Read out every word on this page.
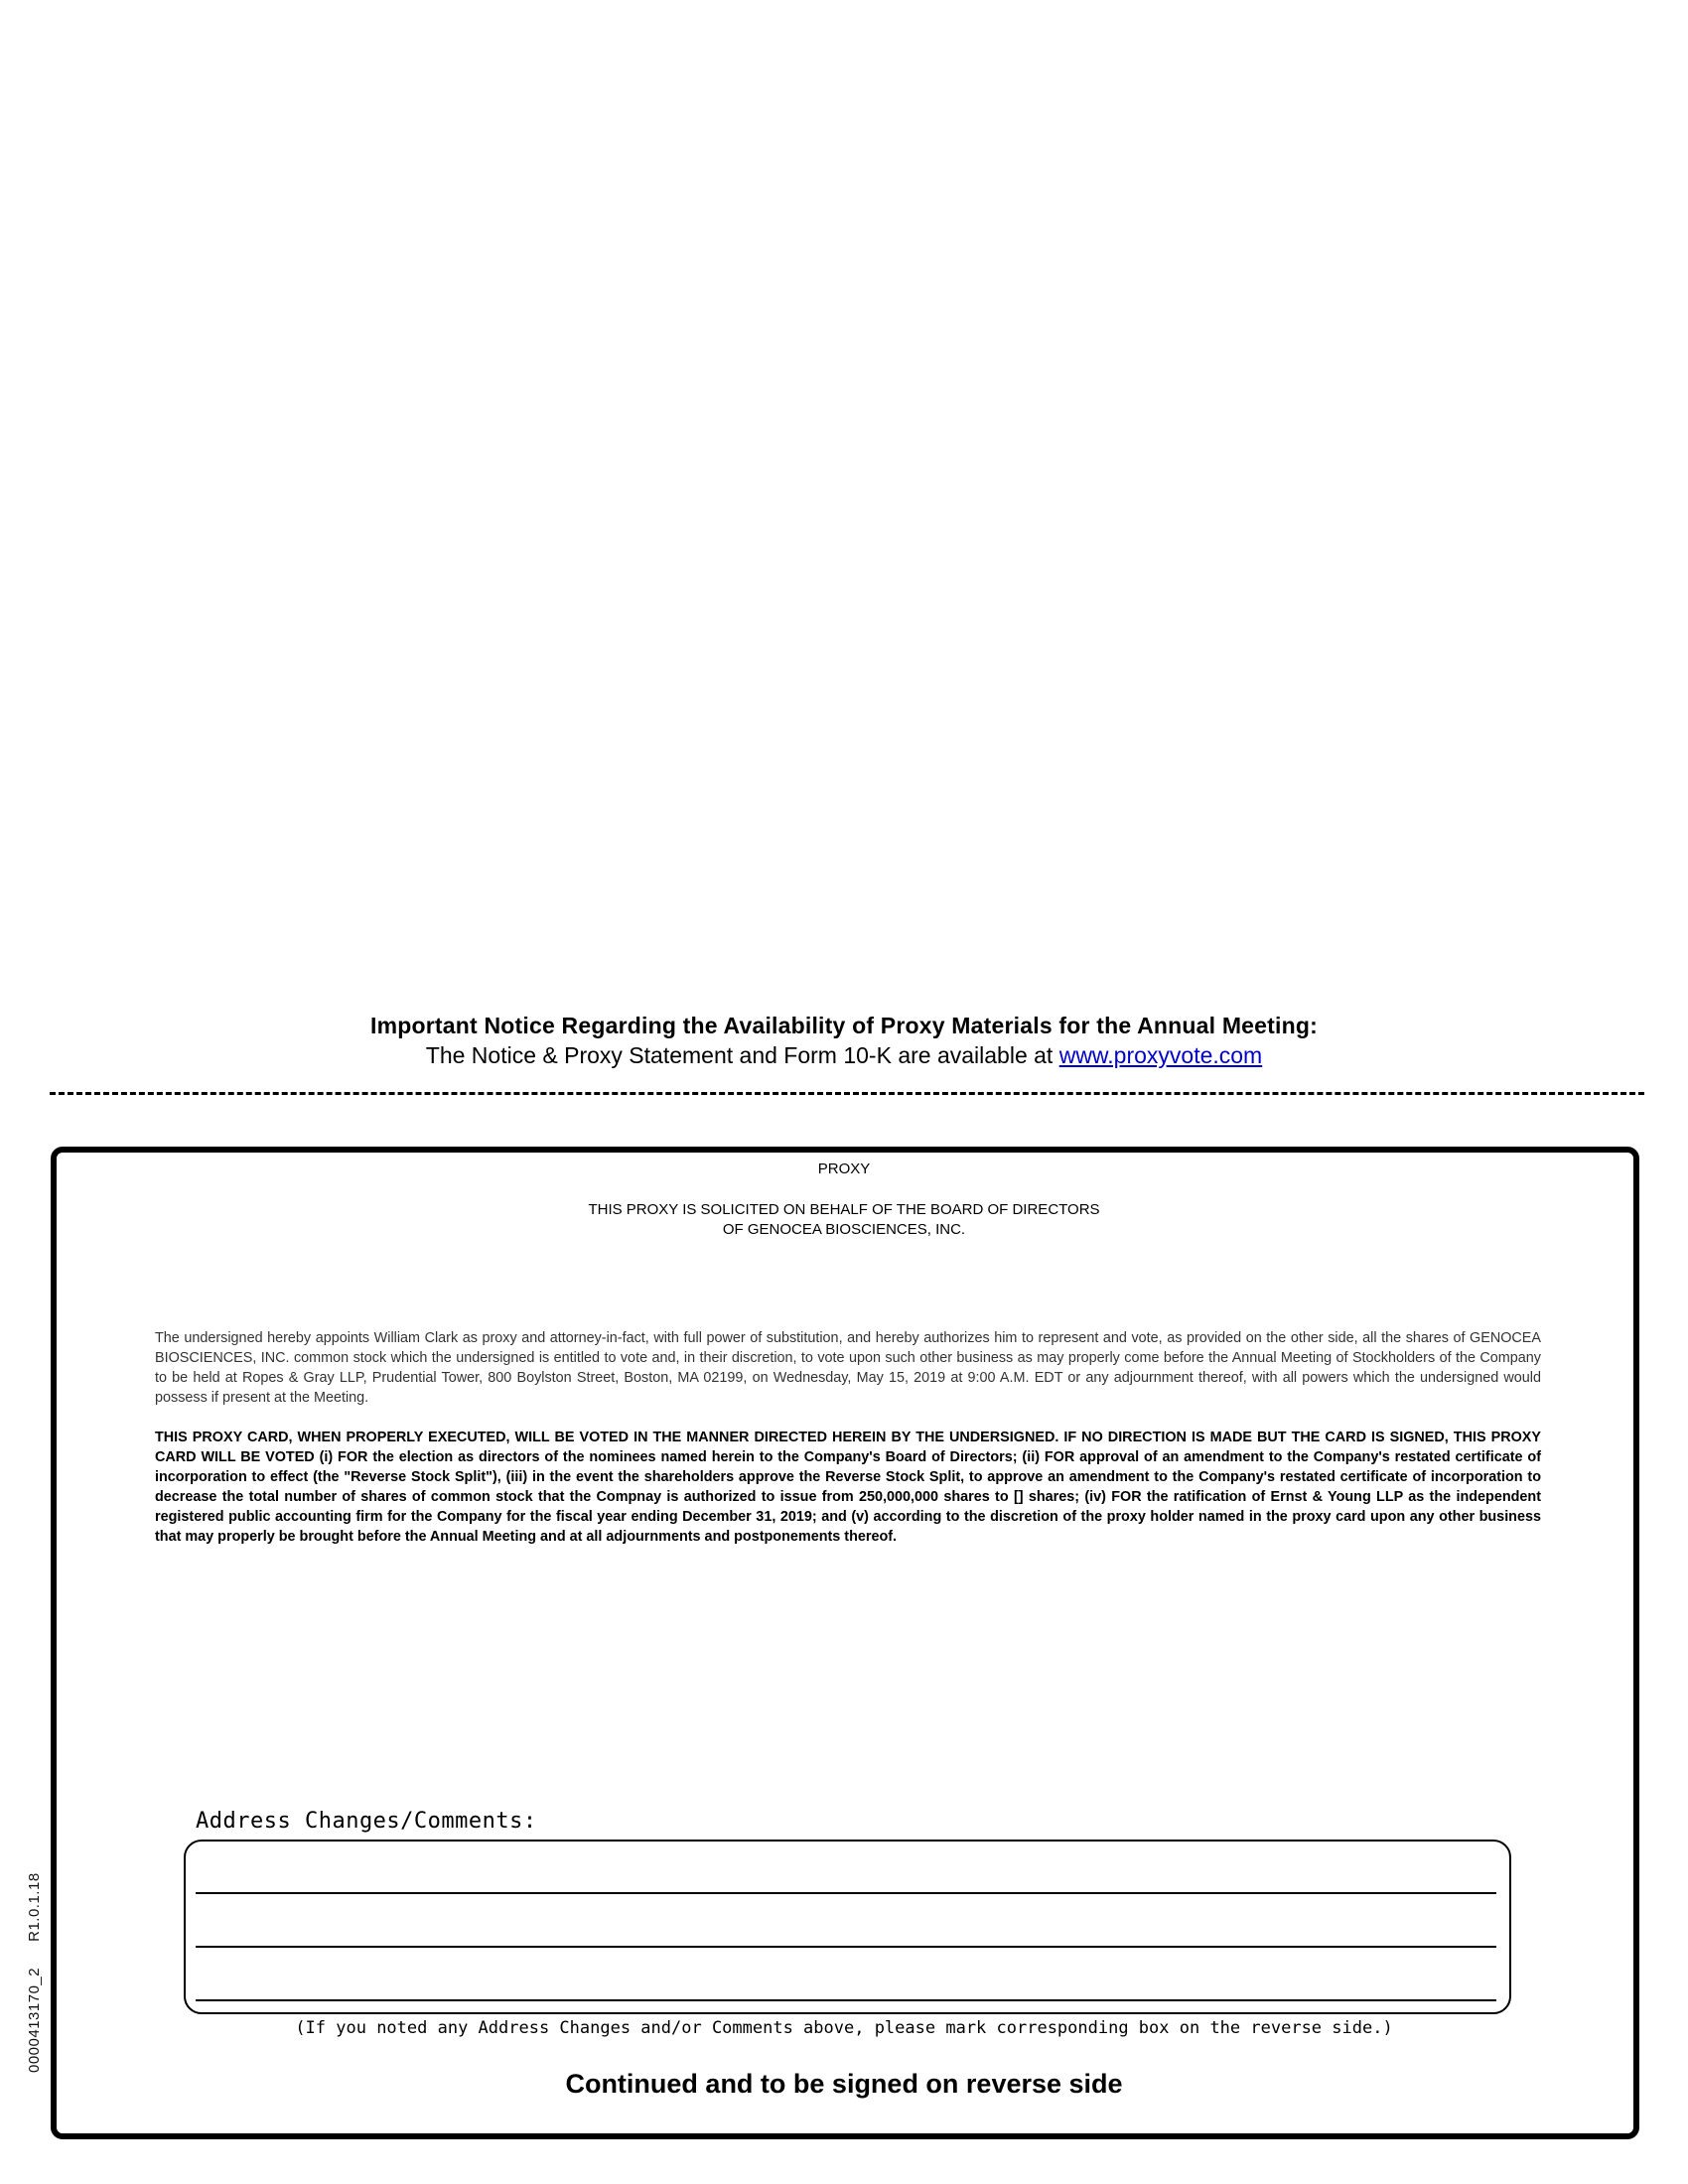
Important Notice Regarding the Availability of Proxy Materials for the Annual Meeting:
The Notice & Proxy Statement and Form 10-K are available at www.proxyvote.com
PROXY
THIS PROXY IS SOLICITED ON BEHALF OF THE BOARD OF DIRECTORS
OF GENOCEA BIOSCIENCES, INC.
The undersigned hereby appoints William Clark as proxy and attorney-in-fact, with full power of substitution, and hereby authorizes him to represent and vote, as provided on the other side, all the shares of GENOCEA BIOSCIENCES, INC. common stock which the undersigned is entitled to vote and, in their discretion, to vote upon such other business as may properly come before the Annual Meeting of Stockholders of the Company to be held at Ropes & Gray LLP, Prudential Tower, 800 Boylston Street, Boston, MA 02199, on Wednesday, May 15, 2019 at 9:00 A.M. EDT or any adjournment thereof, with all powers which the undersigned would possess if present at the Meeting.
THIS PROXY CARD, WHEN PROPERLY EXECUTED, WILL BE VOTED IN THE MANNER DIRECTED HEREIN BY THE UNDERSIGNED. IF NO DIRECTION IS MADE BUT THE CARD IS SIGNED, THIS PROXY CARD WILL BE VOTED (i) FOR the election as directors of the nominees named herein to the Company's Board of Directors; (ii) FOR approval of an amendment to the Company's restated certificate of incorporation to effect (the "Reverse Stock Split"), (iii) in the event the shareholders approve the Reverse Stock Split, to approve an amendment to the Company's restated certificate of incorporation to decrease the total number of shares of common stock that the Compnay is authorized to issue from 250,000,000 shares to [] shares; (iv) FOR the ratification of Ernst & Young LLP as the independent registered public accounting firm for the Company for the fiscal year ending December 31, 2019; and (v) according to the discretion of the proxy holder named in the proxy card upon any other business that may properly be brought before the Annual Meeting and at all adjournments and postponements thereof.
Address Changes/Comments:
(If you noted any Address Changes and/or Comments above, please mark corresponding box on the reverse side.)
Continued and to be signed on reverse side
0000413170_2R1.0.1.18
